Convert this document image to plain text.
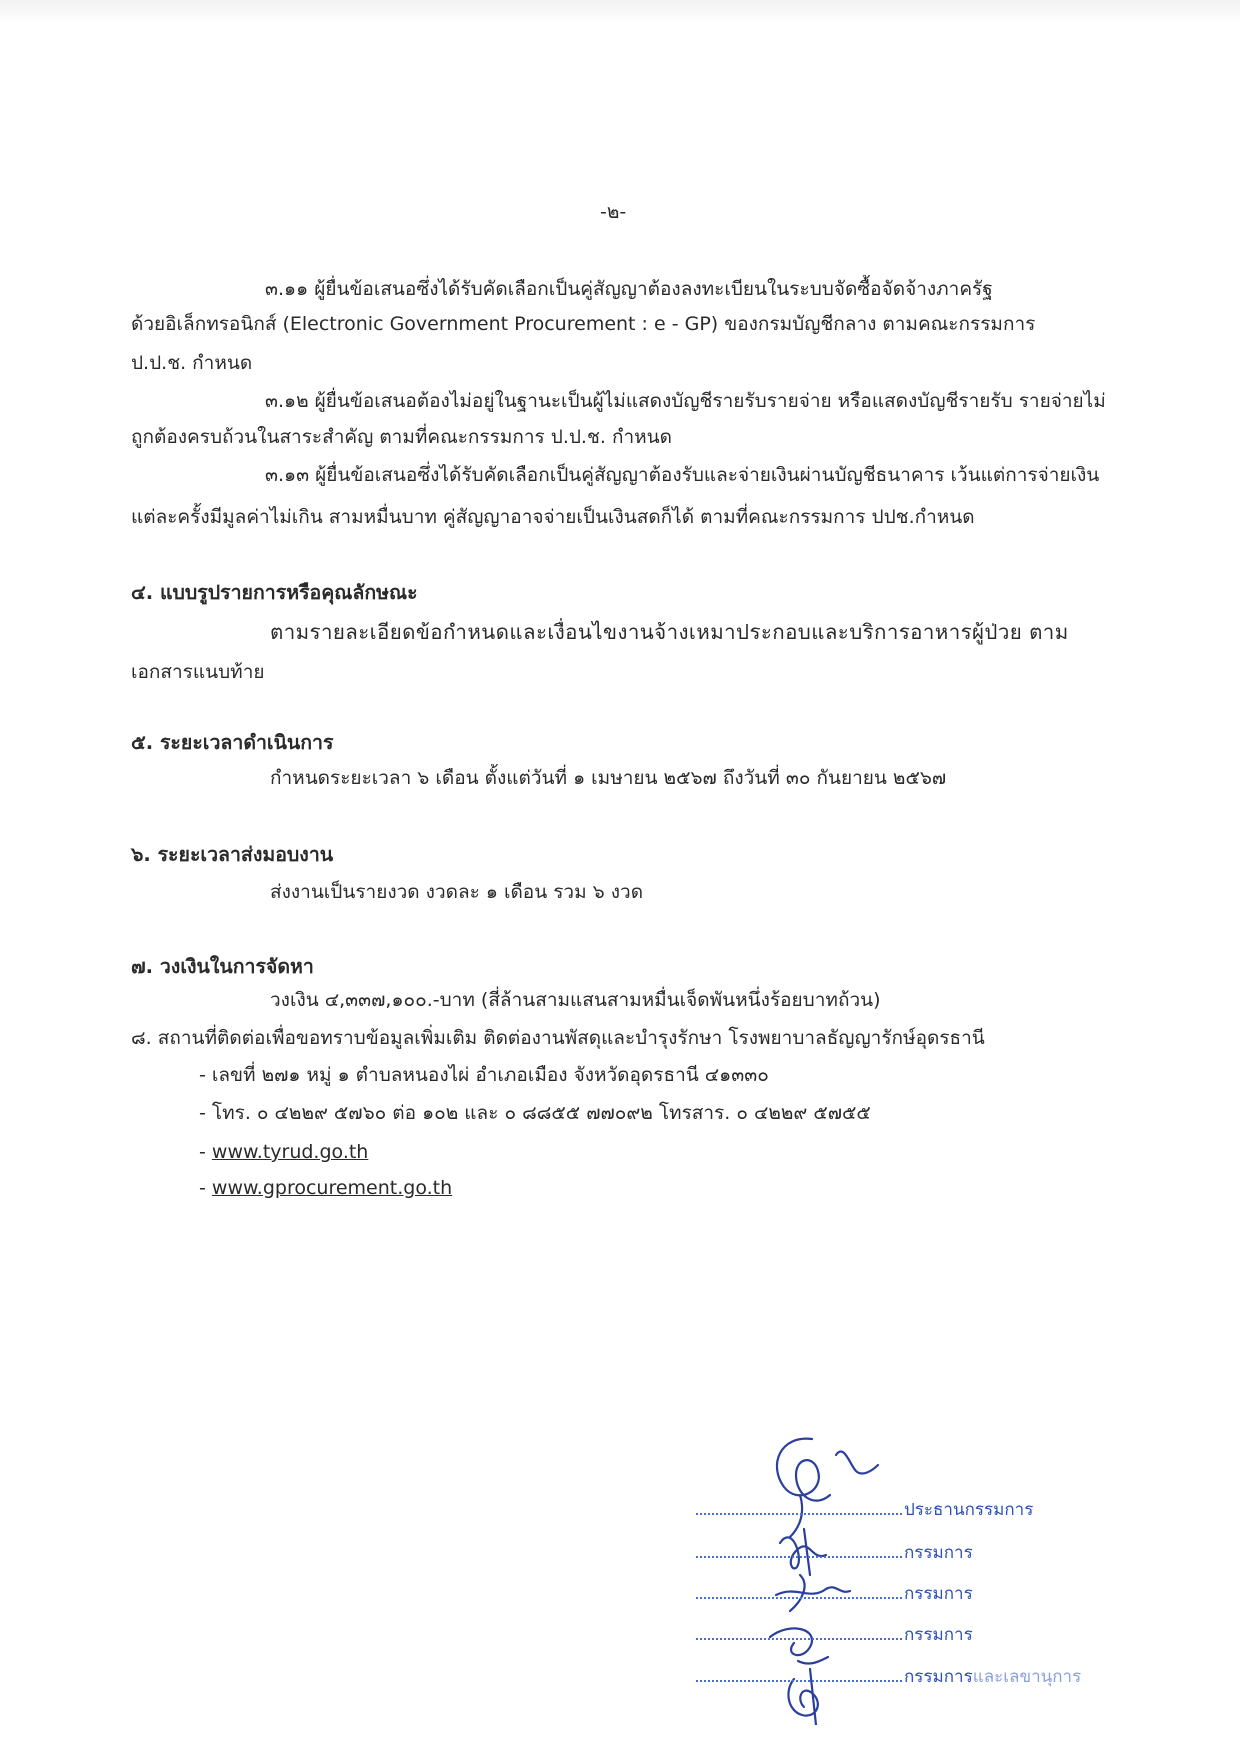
-๒-
๓.๑๑ ผู้ยื่นข้อเสนอซึ่งได้รับคัดเลือกเป็นคู่สัญญาต้องลงทะเบียนในระบบจัดซื้อจัดจ้างภาครัฐ
ด้วยอิเล็กทรอนิกส์ (Electronic Government Procurement : e - GP) ของกรมบัญชีกลาง ตามคณะกรรมการ
ป.ป.ช. กำหนด
๓.๑๒ ผู้ยื่นข้อเสนอต้องไม่อยู่ในฐานะเป็นผู้ไม่แสดงบัญชีรายรับรายจ่าย หรือแสดงบัญชีรายรับ รายจ่ายไม่
ถูกต้องครบถ้วนในสาระสำคัญ ตามที่คณะกรรมการ ป.ป.ช. กำหนด
๓.๑๓ ผู้ยื่นข้อเสนอซึ่งได้รับคัดเลือกเป็นคู่สัญญาต้องรับและจ่ายเงินผ่านบัญชีธนาคาร เว้นแต่การจ่ายเงิน
แต่ละครั้งมีมูลค่าไม่เกิน สามหมื่นบาท คู่สัญญาอาจจ่ายเป็นเงินสดก็ได้ ตามที่คณะกรรมการ ปปช.กำหนด
๔. แบบรูปรายการหรือคุณลักษณะ
ตามรายละเอียดข้อกำหนดและเงื่อนไขงานจ้างเหมาประกอบและบริการอาหารผู้ป่วย ตาม
เอกสารแนบท้าย
๕. ระยะเวลาดำเนินการ
กำหนดระยะเวลา ๖ เดือน ตั้งแต่วันที่ ๑ เมษายน ๒๕๖๗ ถึงวันที่ ๓๐ กันยายน ๒๕๖๗
๖. ระยะเวลาส่งมอบงาน
ส่งงานเป็นรายงวด งวดละ ๑ เดือน รวม ๖ งวด
๗. วงเงินในการจัดหา
วงเงิน ๔,๓๓๗,๑๐๐.-บาท (สี่ล้านสามแสนสามหมื่นเจ็ดพันหนึ่งร้อยบาทถ้วน)
๘. สถานที่ติดต่อเพื่อขอทราบข้อมูลเพิ่มเติม ติดต่องานพัสดุและบำรุงรักษา โรงพยาบาลธัญญารักษ์อุดรธานี
- เลขที่ ๒๗๑ หมู่ ๑ ตำบลหนองไผ่ อำเภอเมือง จังหวัดอุดรธานี ๔๑๓๓๐
- โทร. ๐ ๔๒๒๙ ๕๗๖๐ ต่อ ๑๐๒ และ ๐ ๘๘๕๕ ๗๗๐๙๒ โทรสาร. ๐ ๔๒๒๙ ๕๗๕๕
- www.tyrud.go.th
- www.gprocurement.go.th
ประธานกรรมการ
กรรมการ
กรรมการ
กรรมการ
กรรมการและเลขานุการ
